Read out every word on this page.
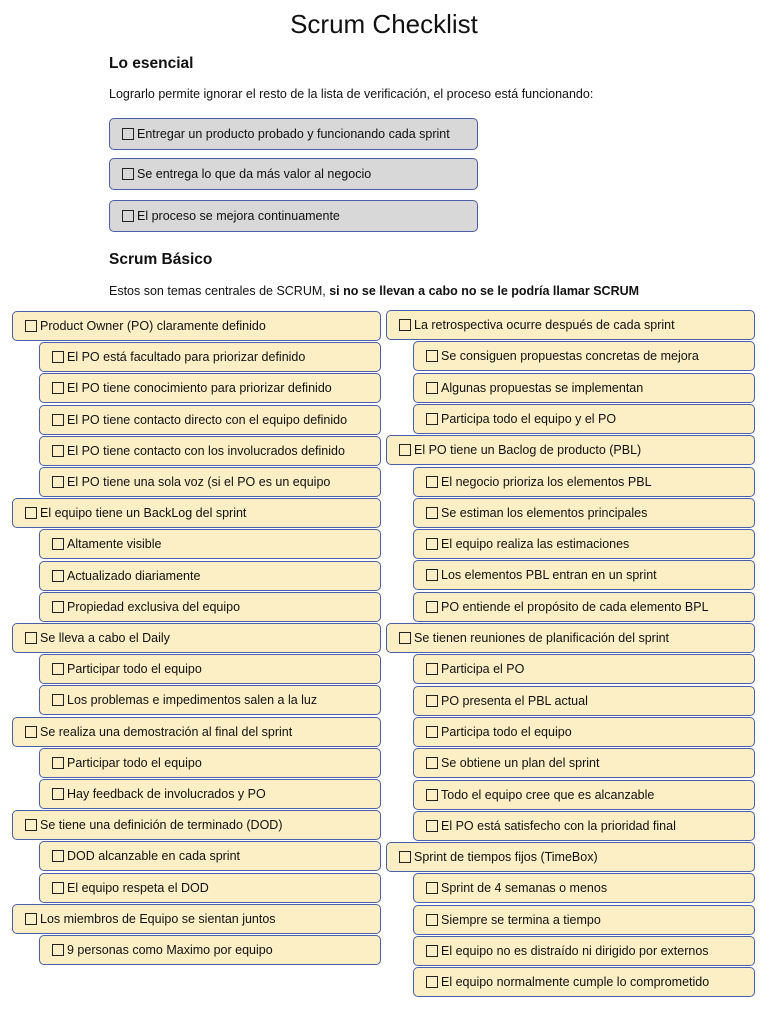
Scrum Checklist
Lo esencial
Lograrlo permite ignorar el resto de la lista de verificación, el proceso está funcionando:
Entregar un producto probado y funcionando cada sprint
Se entrega lo que da más valor al negocio
El proceso se mejora continuamente
Scrum Básico
Estos son temas centrales de SCRUM, si no se llevan a cabo no se le podría llamar SCRUM
Product Owner (PO) claramente definido
El PO está facultado para priorizar definido
El PO tiene conocimiento para priorizar definido
El PO tiene contacto directo con el equipo definido
El PO tiene contacto con los involucrados definido
El PO tiene una sola voz (si el PO es un equipo
El equipo tiene un BackLog del sprint
Altamente visible
Actualizado diariamente
Propiedad exclusiva del equipo
Se lleva a cabo el Daily
Participar todo el equipo
Los problemas e impedimentos salen a la luz
Se realiza una demostración al final del sprint
Participar todo el equipo
Hay feedback de involucrados y PO
Se tiene una definición de terminado (DOD)
DOD alcanzable en cada sprint
El equipo respeta el DOD
Los miembros de Equipo se sientan juntos
9 personas como Maximo por equipo
La retrospectiva ocurre después de cada sprint
Se consiguen propuestas concretas de mejora
Algunas propuestas se implementan
Participa todo el equipo y el PO
El PO tiene un Baclog de producto (PBL)
El negocio prioriza los elementos PBL
Se estiman los elementos principales
El equipo realiza las estimaciones
Los elementos PBL entran en un sprint
PO entiende el propósito de cada elemento BPL
Se tienen reuniones de planificación del sprint
Participa el PO
PO presenta el PBL actual
Participa todo el equipo
Se obtiene un plan del sprint
Todo el equipo cree que es alcanzable
El PO está satisfecho con la prioridad final
Sprint de tiempos fijos (TimeBox)
Sprint de 4 semanas o menos
Siempre se termina a tiempo
El equipo no es distraído ni dirigido por externos
El equipo normalmente cumple lo comprometido
